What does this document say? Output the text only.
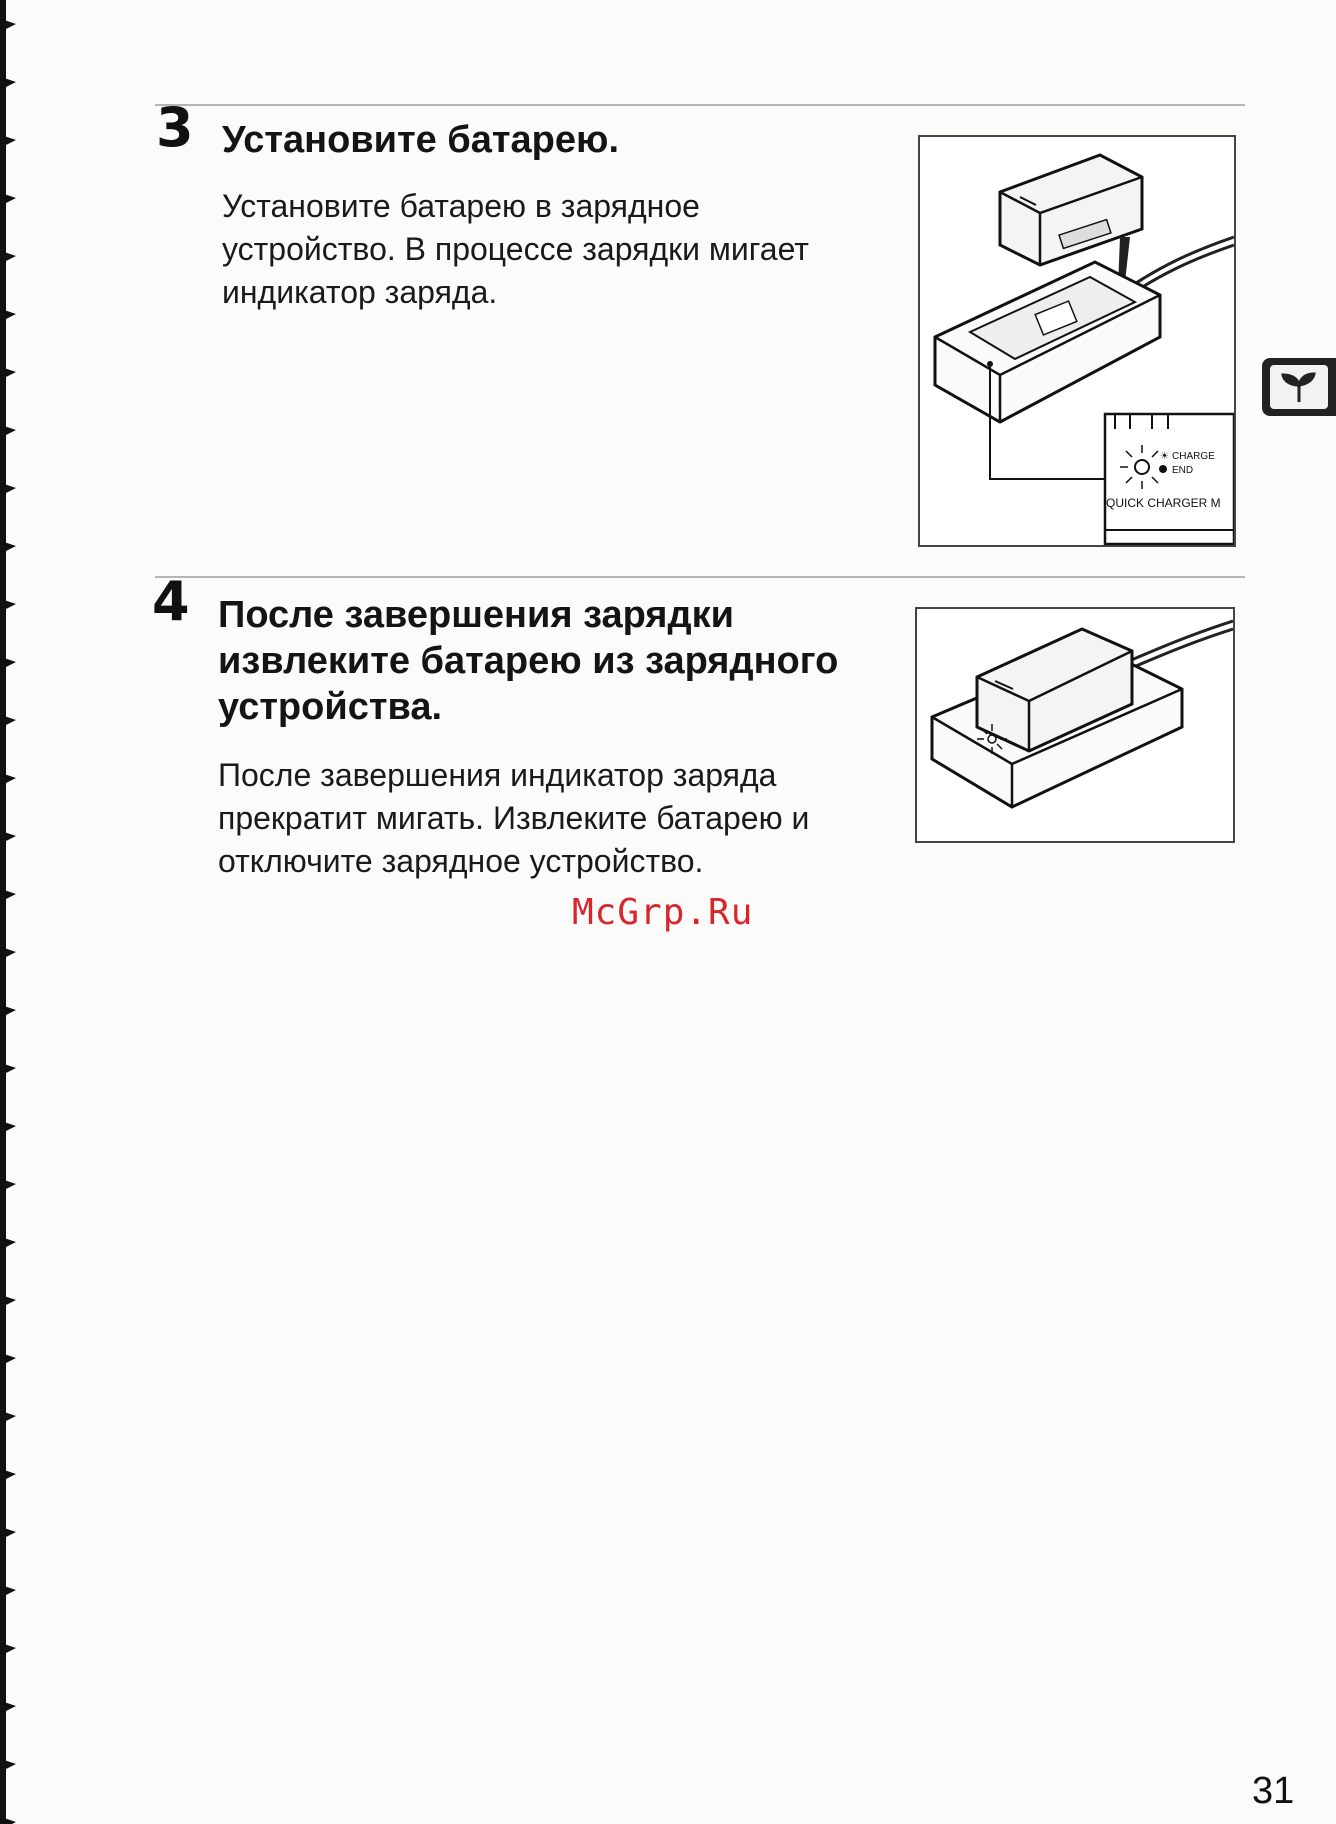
3 Установите батарею.
Установите батарею в зарядное
устройство. В процессе зарядки мигает
индикатор заряда.
☀ CHARGE
END
QUICK CHARGER M
4 После завершения зарядки
извлеките батарею из зарядного
устройства.
После завершения индикатор заряда
прекратит мигать. Извлеките батарею и
отключите зарядное устройство.
McGrp.Ru
31
